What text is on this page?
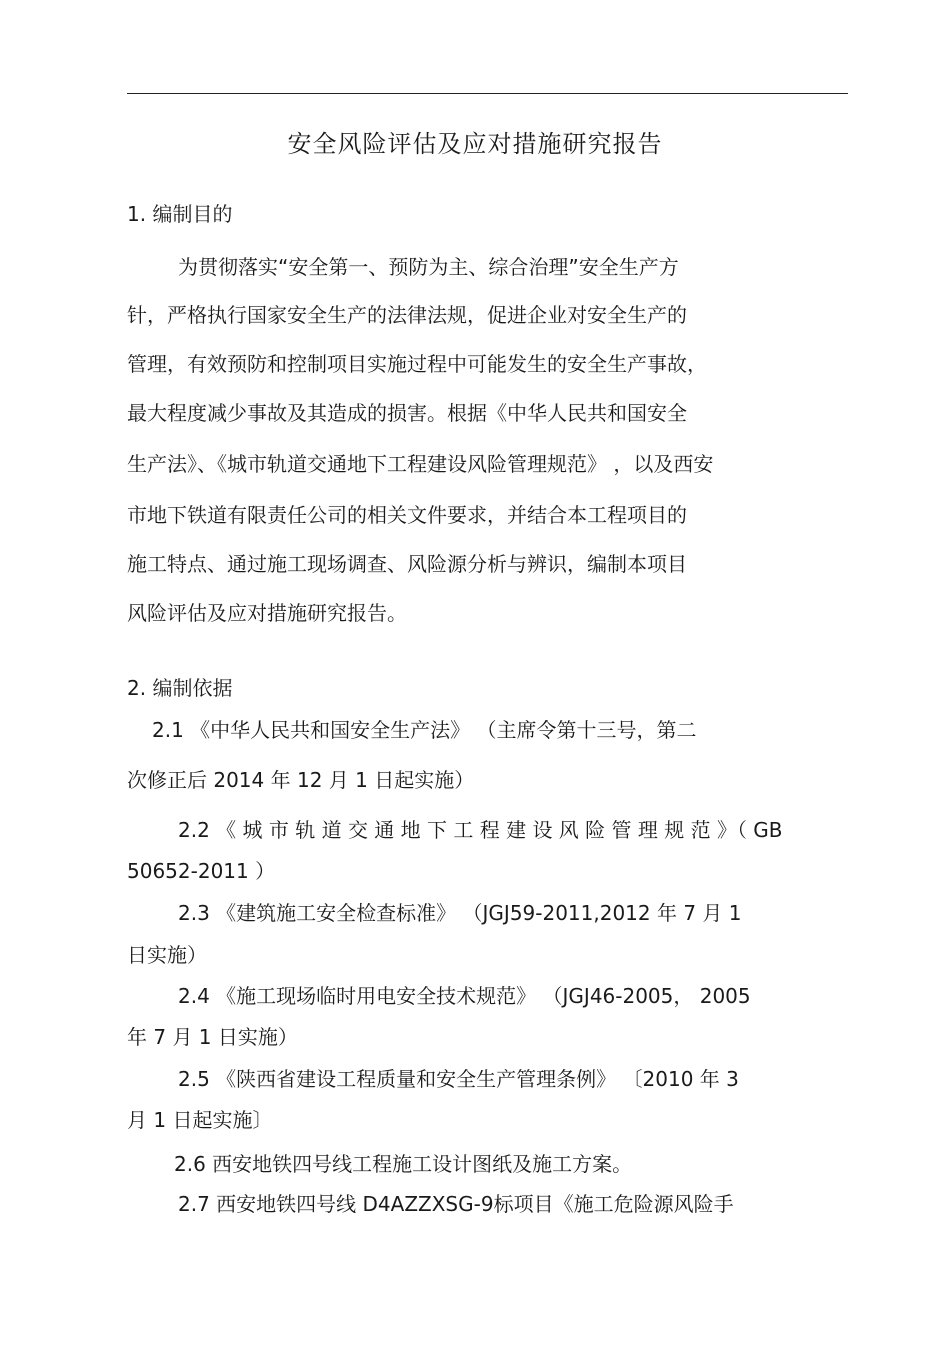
安全风险评估及应对措施研究报告
1. 编制目的
为贯彻落实“安全第一、预防为主、综合治理”安全生产方
针，严格执行国家安全生产的法律法规，促进企业对安全生产的
管理，有效预防和控制项目实施过程中可能发生的安全生产事故，
最大程度减少事故及其造成的损害。根据《中华人民共和国安全
生产法》、《城市轨道交通地下工程建设风险管理规范》 ，以及西安
市地下铁道有限责任公司的相关文件要求，并结合本工程项目的
施工特点、通过施工现场调查、风险源分析与辨识，编制本项目
风险评估及应对措施研究报告。
2. 编制依据
2.1 《中华人民共和国安全生产法》 （主席令第十三号，第二
次修正后 2014 年 12 月 1 日起实施）
2.2 《 城 市 轨 道 交 通 地 下 工 程 建 设 风 险 管 理 规 范 》（ GB
50652-2011 ）
2.3 《建筑施工安全检查标准》 （JGJ59-2011,2012 年 7 月 1
日实施）
2.4 《施工现场临时用电安全技术规范》 （JGJ46-2005， 2005
年 7 月 1 日实施）
2.5 《陕西省建设工程质量和安全生产管理条例》 〔2010 年 3
月 1 日起实施〕
2.6 西安地铁四号线工程施工设计图纸及施工方案。
2.7 西安地铁四号线 D4AZZXSG-9标项目《施工危险源风险手
